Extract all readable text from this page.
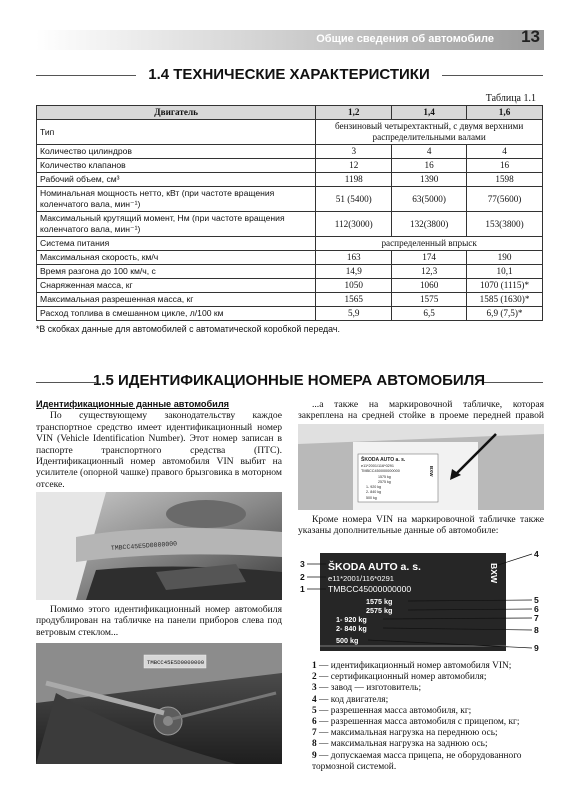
Общие сведения об автомобиле 13
1.4 ТЕХНИЧЕСКИЕ ХАРАКТЕРИСТИКИ
Таблица 1.1
Двигатель	1,2	1,4	1,6
Тип	бензиновый четырехтактный, с двумя верхними распределительными валами		
Количество цилиндров	3	4	4
Количество клапанов	12	16	16
Рабочий объем, см³	1198	1390	1598
Номинальная мощность нетто, кВт (при частоте вращения коленчатого вала, мин⁻¹)	51 (5400)	63(5000)	77(5600)
Максимальный крутящий момент, Нм (при частоте вращения коленчатого вала, мин⁻¹)	112(3000)	132(3800)	153(3800)
Система питания	распределенный впрыск		
Максимальная скорость, км/ч	163	174	190
Время разгона до 100 км/ч, с	14,9	12,3	10,1
Снаряженная масса, кг	1050	1060	1070 (1115)*
Максимальная разрешенная масса, кг	1565	1575	1585 (1630)*
Расход топлива в смешанном цикле, л/100 км	5,9	6,5	6,9 (7,5)*
*В скобках данные для автомобилей с автоматической коробкой передач.
1.5 ИДЕНТИФИКАЦИОННЫЕ НОМЕРА АВТОМОБИЛЯ
Идентификационные данные автомобиля
По существующему законодательству каждое транспортное средство имеет идентификационный номер VIN (Vehicle Identification Number). Этот номер записан в паспорте транспортного средства (ПТС). Идентификационный номер автомобиля VIN выбит на усилителе (опорной чашке) правого брызговика в моторном отсеке.
TMBCC45E5D0000000
Помимо этого идентификационный номер автомобиля продублирован на табличке на панели приборов слева под ветровым стеклом...
TMBCC45E5D0000000
...а также на маркировочной табличке, которая закреплена на средней стойке в проеме передней правой
ŠKODA AUTO a. s.
e11*2001/116*0291
TMBCC450000000000
1575 kg
2575 kg
1- 920 kg
2- 840 kg
500 kg
BXW
Кроме номера VIN на маркировочной табличке также указаны дополнительные данные об автомобиле:
ŠKODA AUTO a. s.
e11*2001/116*0291
TMBCC45000000000
1575 kg
2575 kg
1- 920 kg
2- 840 kg
500 kg
BXW
3
2
1
4
5
6
7
8
9
1 — идентификационный номер автомобиля VIN;
2 — сертификационный номер автомобиля;
3 — завод — изготовитель;
4 — код двигателя;
5 — разрешенная масса автомобиля, кг;
6 — разрешенная масса автомобиля с прицепом, кг;
7 — максимальная нагрузка на переднюю ось;
8 — максимальная нагрузка на заднюю ось;
9 — допускаемая масса прицепа, не оборудованного тормозной системой.
